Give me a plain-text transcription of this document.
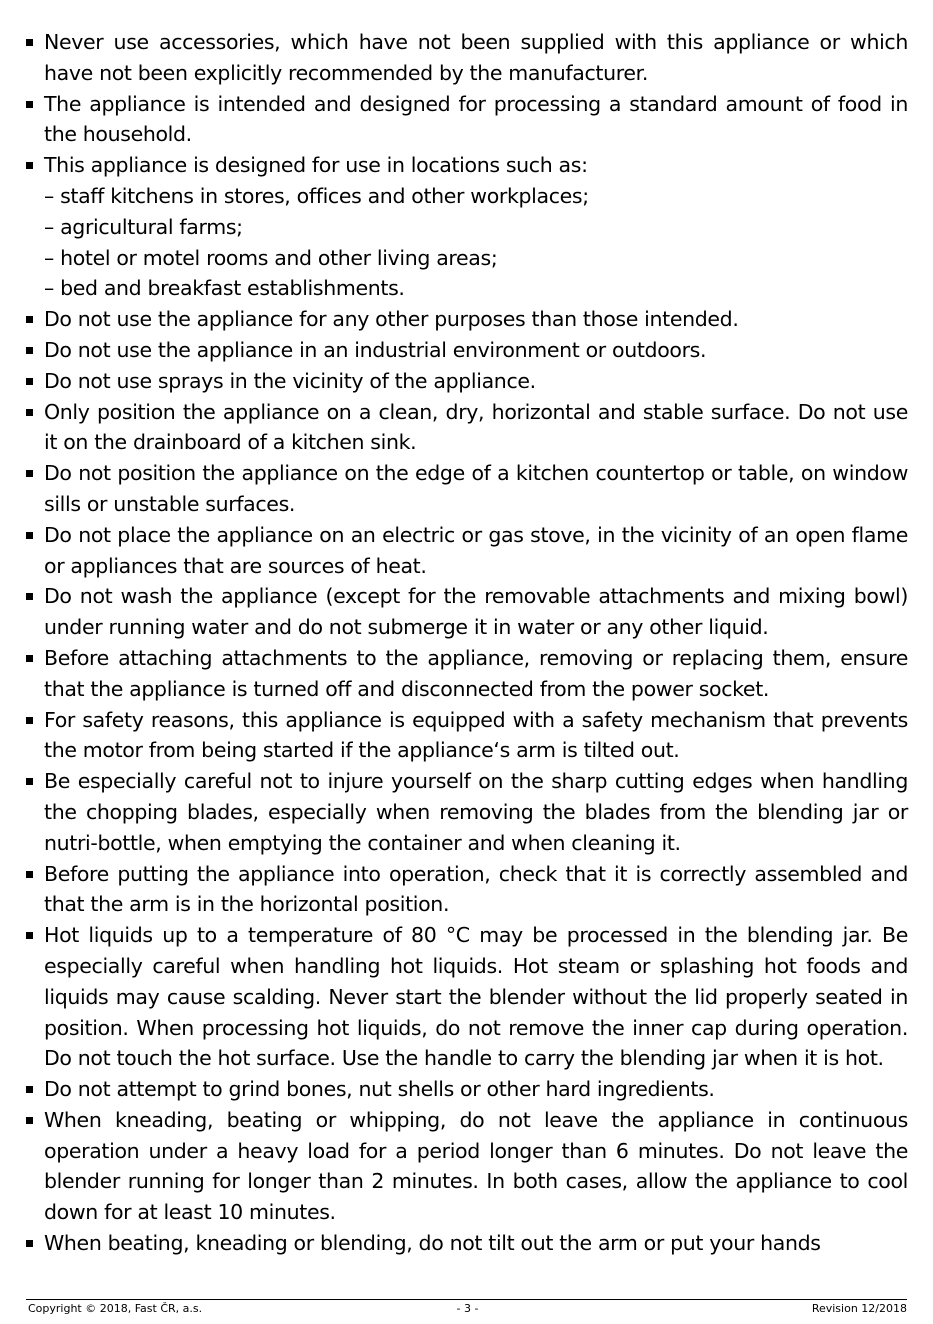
Never use accessories, which have not been supplied with this appliance or which have not been explicitly recommended by the manufacturer.
The appliance is intended and designed for processing a standard amount of food in the household.
This appliance is designed for use in locations such as:
– staff kitchens in stores, offices and other workplaces;
– agricultural farms;
– hotel or motel rooms and other living areas;
– bed and breakfast establishments.
Do not use the appliance for any other purposes than those intended.
Do not use the appliance in an industrial environment or outdoors.
Do not use sprays in the vicinity of the appliance.
Only position the appliance on a clean, dry, horizontal and stable surface. Do not use it on the drainboard of a kitchen sink.
Do not position the appliance on the edge of a kitchen countertop or table, on window sills or unstable surfaces.
Do not place the appliance on an electric or gas stove, in the vicinity of an open flame or appliances that are sources of heat.
Do not wash the appliance (except for the removable attachments and mixing bowl) under running water and do not submerge it in water or any other liquid.
Before attaching attachments to the appliance, removing or replacing them, ensure that the appliance is turned off and disconnected from the power socket.
For safety reasons, this appliance is equipped with a safety mechanism that prevents the motor from being started if the appliance‘s arm is tilted out.
Be especially careful not to injure yourself on the sharp cutting edges when handling the chopping blades, especially when removing the blades from the blending jar or nutri-bottle, when emptying the container and when cleaning it.
Before putting the appliance into operation, check that it is correctly assembled and that the arm is in the horizontal position.
Hot liquids up to a temperature of 80 °C may be processed in the blending jar. Be especially careful when handling hot liquids. Hot steam or splashing hot foods and liquids may cause scalding. Never start the blender without the lid properly seated in position. When processing hot liquids, do not remove the inner cap during operation. Do not touch the hot surface. Use the handle to carry the blending jar when it is hot.
Do not attempt to grind bones, nut shells or other hard ingredients.
When kneading, beating or whipping, do not leave the appliance in continuous operation under a heavy load for a period longer than 6 minutes. Do not leave the blender running for longer than 2 minutes. In both cases, allow the appliance to cool down for at least 10 minutes.
When beating, kneading or blending, do not tilt out the arm or put your hands
Copyright © 2018, Fast ČR, a.s.	- 3 -	Revision 12/2018
